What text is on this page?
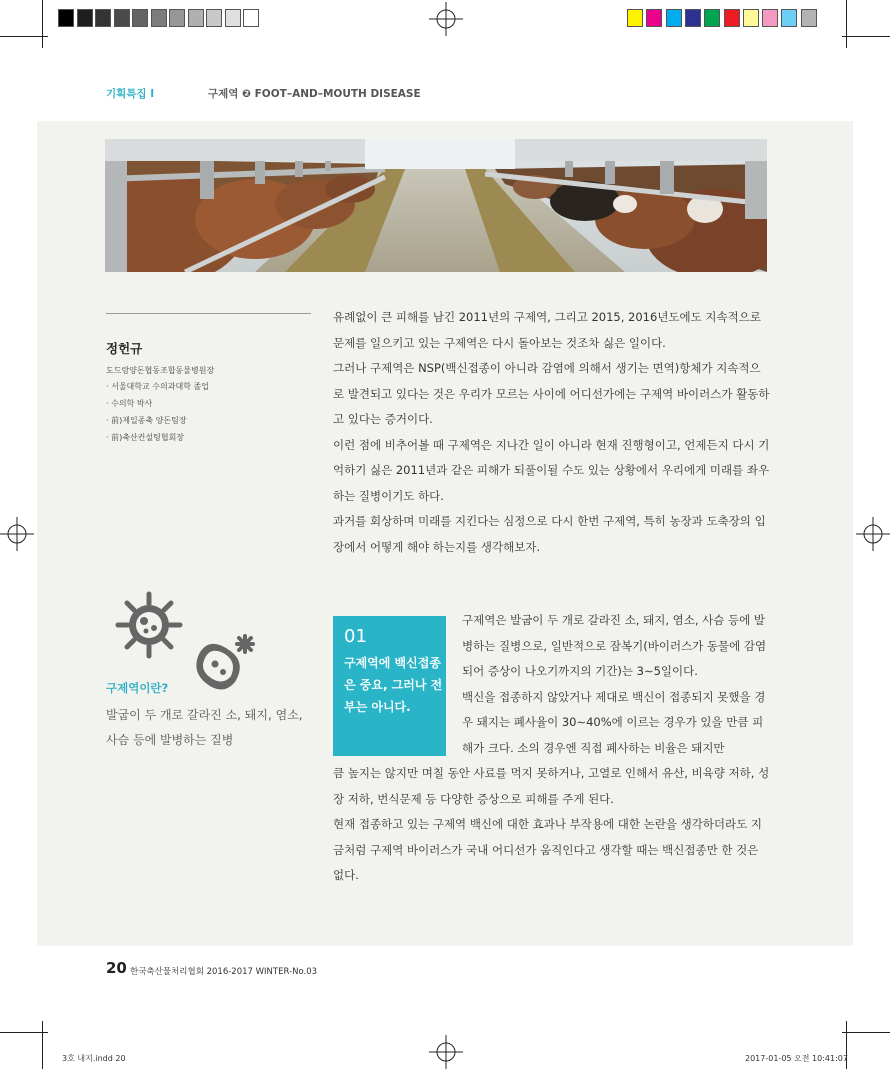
기획특집 I	구제역 ❷ FOOT–AND–MOUTH DISEASE
정헌규
도드람양돈협동조합동물병원장
· 서울대학교 수의과대학 졸업
· 수의학 박사
· 前)제일종축 양돈팀장
· 前)축산컨설팅협회장

유례없이 큰 피해를 남긴 2011년의 구제역, 그리고 2015, 2016년도에도 지속적으로 문제를 일으키고 있는 구제역은 다시 돌아보는 것조차 싫은 일이다.

그러나 구제역은 NSP(백신접종이 아니라 감염에 의해서 생기는 면역)항체가 지속적으로 발견되고 있다는 것은 우리가 모르는 사이에 어디선가에는 구제역 바이러스가 활동하고 있다는 증거이다.

이런 점에 비추어볼 때 구제역은 지나간 일이 아니라 현재 진행형이고, 언제든지 다시 기억하기 싫은 2011년과 같은 피해가 되풀이될 수도 있는 상황에서 우리에게 미래를 좌우하는 질병이기도 하다.

과거를 회상하며 미래를 지킨다는 심정으로 다시 한번 구제역, 특히 농장과 도축장의 입장에서 어떻게 해야 하는지를 생각해보자.

구제역이란?
발굽이 두 개로 갈라진 소, 돼지, 염소, 사슴 등에 발병하는 질병
01
구제역에 백신접종은 중요, 그러나 전부는 아니다.

구제역은 발굽이 두 개로 갈라진 소, 돼지, 염소, 사슴 등에 발병하는 질병으로, 일반적으로 잠복기(바이러스가 동물에 감염되어 증상이 나오기까지의 기간)는 3∼5일이다.

백신을 접종하지 않았거나 제대로 백신이 접종되지 못했을 경우 돼지는 폐사율이 30∼40%에 이르는 경우가 있을 만큼 피해가 크다. 소의 경우엔 직접 폐사하는 비율은 돼지만

큼 높지는 않지만 며칠 동안 사료를 먹지 못하거나, 고열로 인해서 유산, 비육량 저하, 성장 저하, 번식문제 등 다양한 증상으로 피해를 주게 된다.

현재 접종하고 있는 구제역 백신에 대한 효과나 부작용에 대한 논란을 생각하더라도 지금처럼 구제역 바이러스가 국내 어디선가 움직인다고 생각할 때는 백신접종만 한 것은 없다.

20 한국축산물처리협회 2016-2017 WINTER-No.03
3호 내지.indd 20	2017-01-05 오전 10:41:07
